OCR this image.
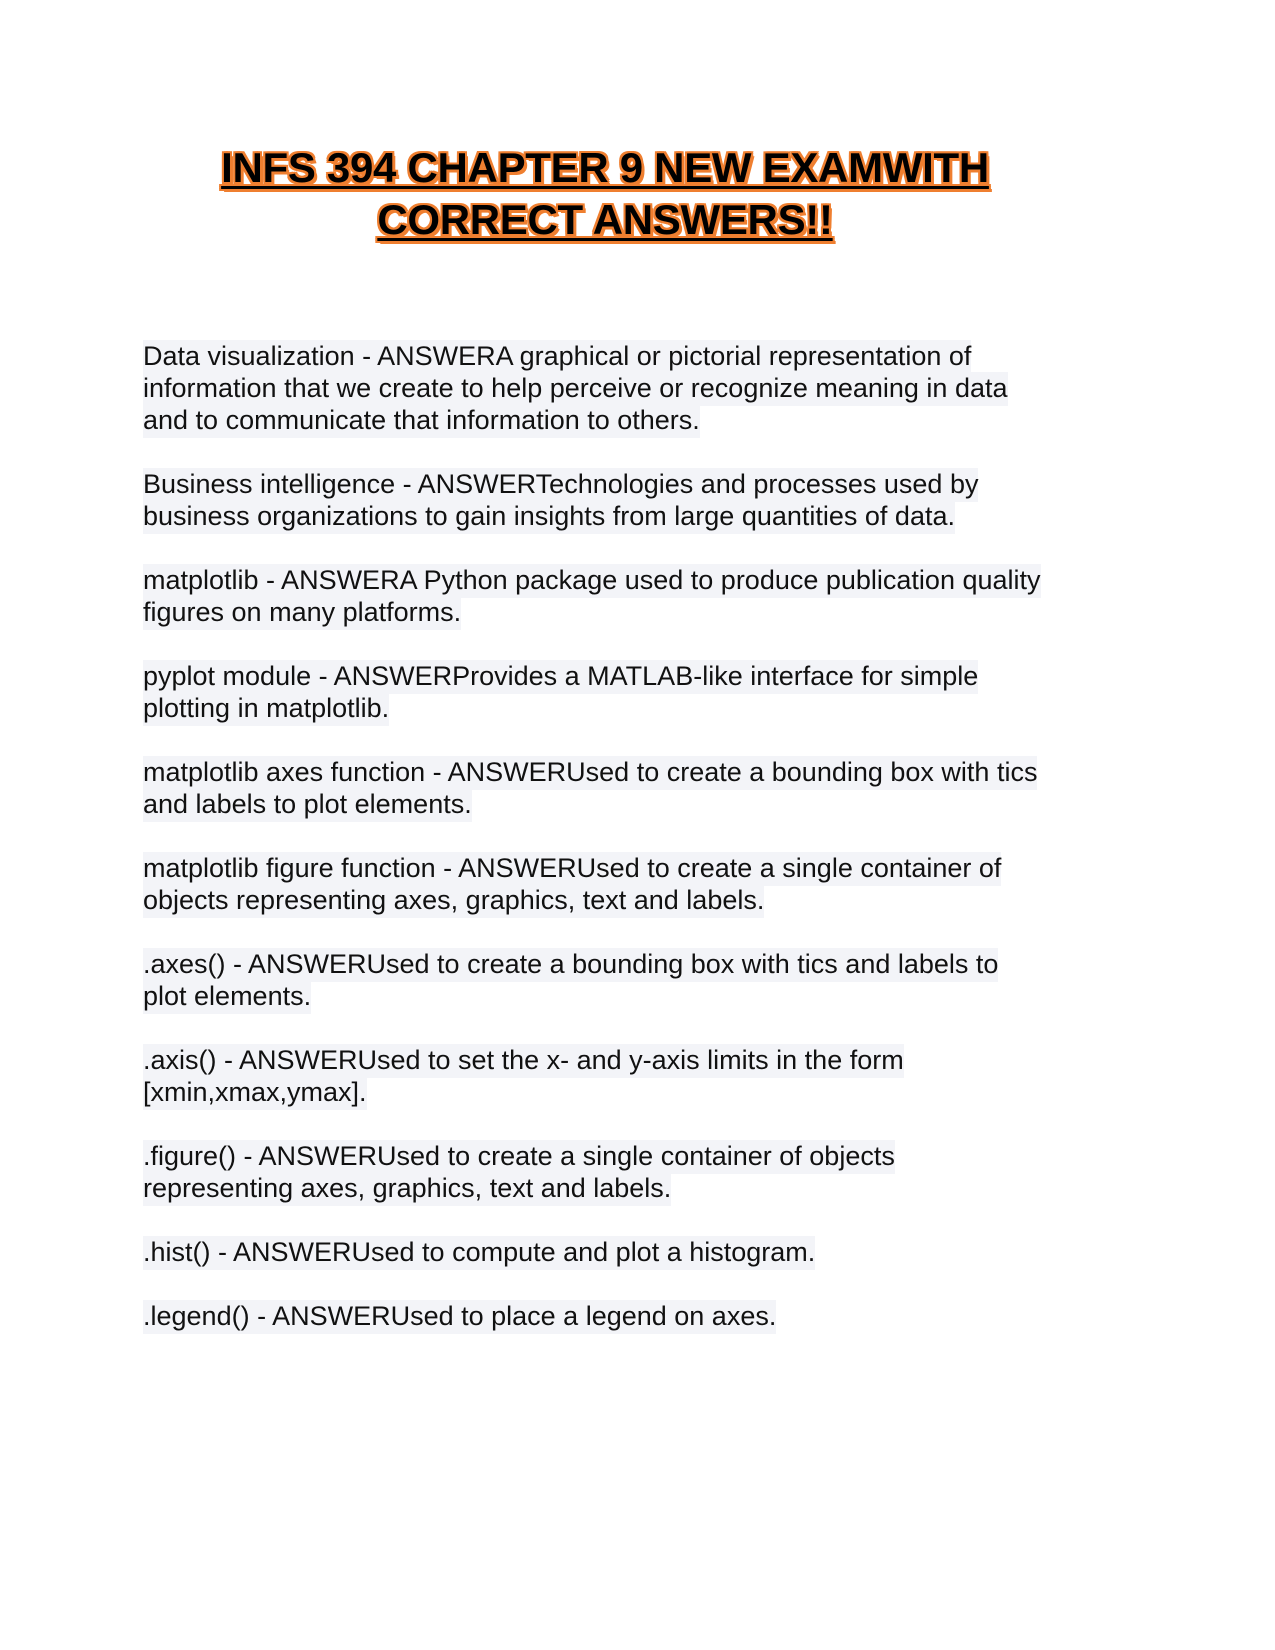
INFS 394 CHAPTER 9 NEW EXAMWITH
CORRECT ANSWERS!!
Data visualization - ANSWERA graphical or pictorial representation of
information that we create to help perceive or recognize meaning in data
and to communicate that information to others.
Business intelligence - ANSWERTechnologies and processes used by
business organizations to gain insights from large quantities of data.
matplotlib - ANSWERA Python package used to produce publication quality
figures on many platforms.
pyplot module - ANSWERProvides a MATLAB-like interface for simple
plotting in matplotlib.
matplotlib axes function - ANSWERUsed to create a bounding box with tics
and labels to plot elements.
matplotlib figure function - ANSWERUsed to create a single container of
objects representing axes, graphics, text and labels.
.axes() - ANSWERUsed to create a bounding box with tics and labels to
plot elements.
.axis() - ANSWERUsed to set the x- and y-axis limits in the form
[xmin,xmax,ymax].
.figure() - ANSWERUsed to create a single container of objects
representing axes, graphics, text and labels.
.hist() - ANSWERUsed to compute and plot a histogram.
.legend() - ANSWERUsed to place a legend on axes.
